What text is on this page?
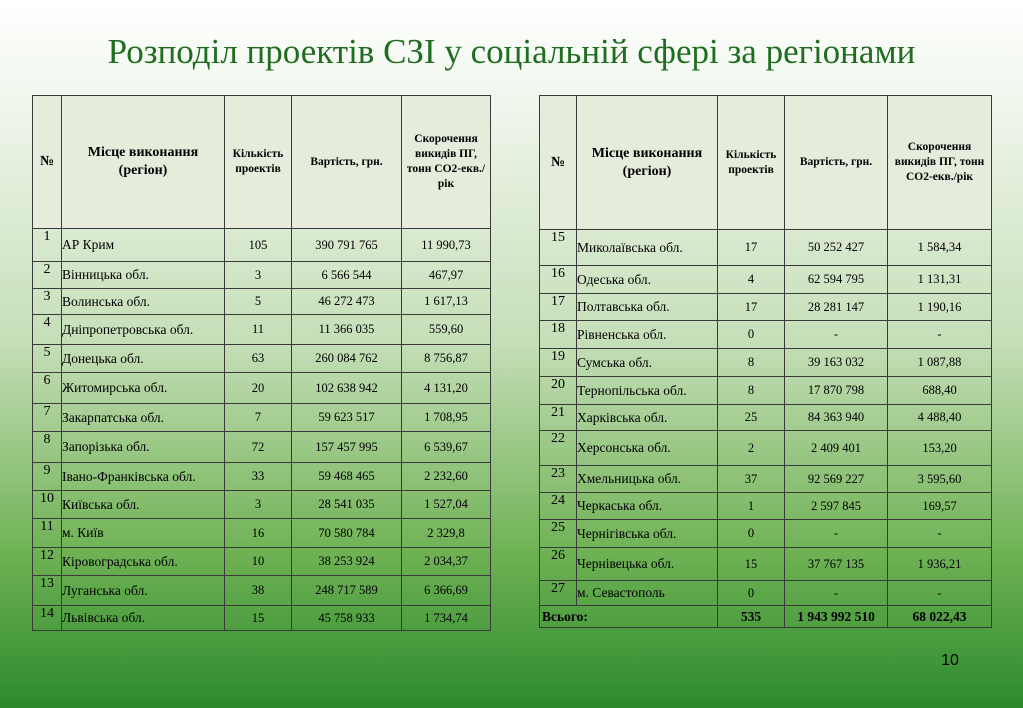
Розподіл проектів СЗІ у соціальній сфері за регіонами
№	Місце виконання (регіон)	Кількість проектів	Вартість, грн.	Скорочення викидів ПГ, тонн СО2-екв./рік
1	АР Крим	105	390 791 765	11 990,73
2	Вінницька обл.	3	6 566 544	467,97
3	Волинська обл.	5	46 272 473	1 617,13
4	Дніпропетровська обл.	11	11 366 035	559,60
5	Донецька обл.	63	260 084 762	8 756,87
6	Житомирська обл.	20	102 638 942	4 131,20
7	Закарпатська обл.	7	59 623 517	1 708,95
8	Запорізька обл.	72	157 457 995	6 539,67
9	Івано-Франківська обл.	33	59 468 465	2 232,60
10	Київська обл.	3	28 541 035	1 527,04
11	м. Київ	16	70 580 784	2 329,8
12	Кіровоградська обл.	10	38 253 924	2 034,37
13	Луганська обл.	38	248 717 589	6 366,69
14	Львівська обл.	15	45 758 933	1 734,74
№	Місце виконання (регіон)	Кількість проектів	Вартість, грн.	Скорочення викидів ПГ, тонн СО2-екв./рік
15	Миколаївська обл.	17	50 252 427	1 584,34
16	Одеська обл.	4	62 594 795	1 131,31
17	Полтавська обл.	17	28 281 147	1 190,16
18	Рівненська обл.	0	-	-
19	Сумська обл.	8	39 163 032	1 087,88
20	Тернопільська обл.	8	17 870 798	688,40
21	Харківська обл.	25	84 363 940	4 488,40
22	Херсонська обл.	2	2 409 401	153,20
23	Хмельницька обл.	37	92 569 227	3 595,60
24	Черкаська обл.	1	2 597 845	169,57
25	Чернігівська обл.	0	-	-
26	Чернівецька обл.	15	37 767 135	1 936,21
27	м. Севастополь	0	-	-
Всього:		535	1 943 992 510	68 022,43
10
